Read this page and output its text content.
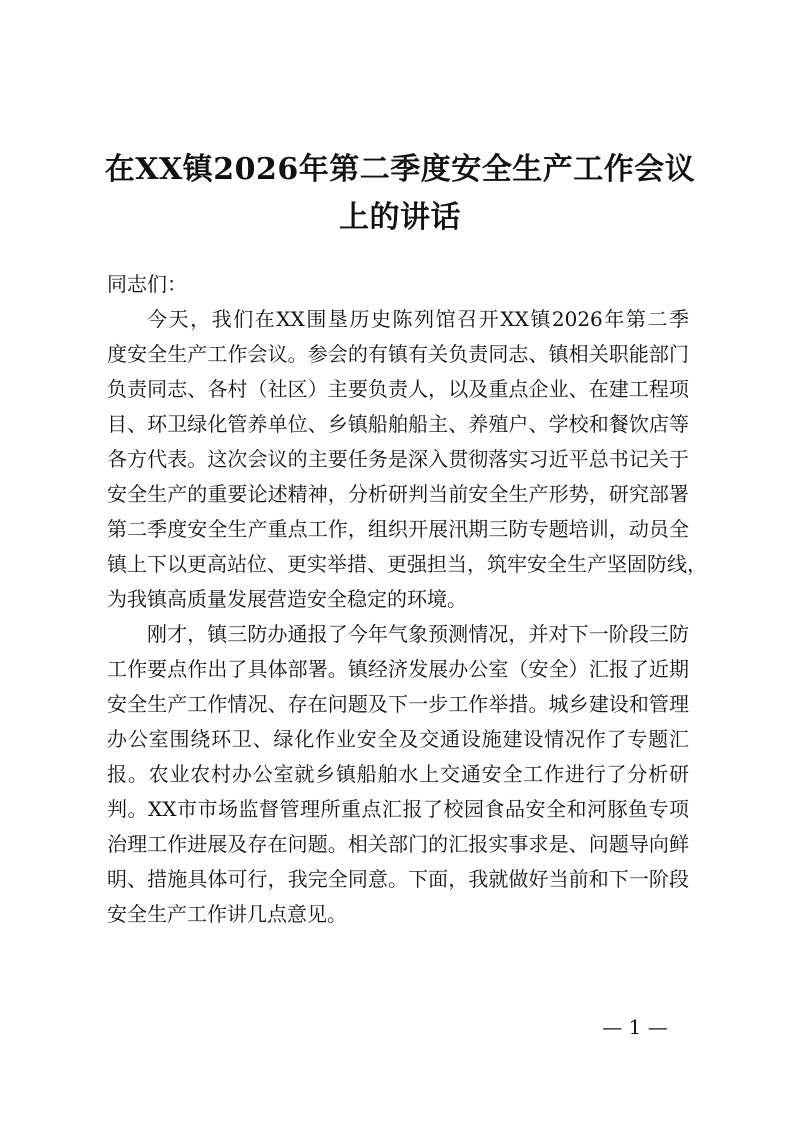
在XX镇2026年第二季度安全生产工作会议
上的讲话
同志们：
今天，我们在XX围垦历史陈列馆召开XX镇2026年第二季
度安全生产工作会议。参会的有镇有关负责同志、镇相关职能部门
负责同志、各村（社区）主要负责人，以及重点企业、在建工程项
目、环卫绿化管养单位、乡镇船舶船主、养殖户、学校和餐饮店等
各方代表。这次会议的主要任务是深入贯彻落实习近平总书记关于
安全生产的重要论述精神，分析研判当前安全生产形势，研究部署
第二季度安全生产重点工作，组织开展汛期三防专题培训，动员全
镇上下以更高站位、更实举措、更强担当，筑牢安全生产坚固防线，
为我镇高质量发展营造安全稳定的环境。
刚才，镇三防办通报了今年气象预测情况，并对下一阶段三防
工作要点作出了具体部署。镇经济发展办公室（安全）汇报了近期
安全生产工作情况、存在问题及下一步工作举措。城乡建设和管理
办公室围绕环卫、绿化作业安全及交通设施建设情况作了专题汇
报。农业农村办公室就乡镇船舶水上交通安全工作进行了分析研
判。XX市市场监督管理所重点汇报了校园食品安全和河豚鱼专项
治理工作进展及存在问题。相关部门的汇报实事求是、问题导向鲜
明、措施具体可行，我完全同意。下面，我就做好当前和下一阶段
安全生产工作讲几点意见。
— 1 —
